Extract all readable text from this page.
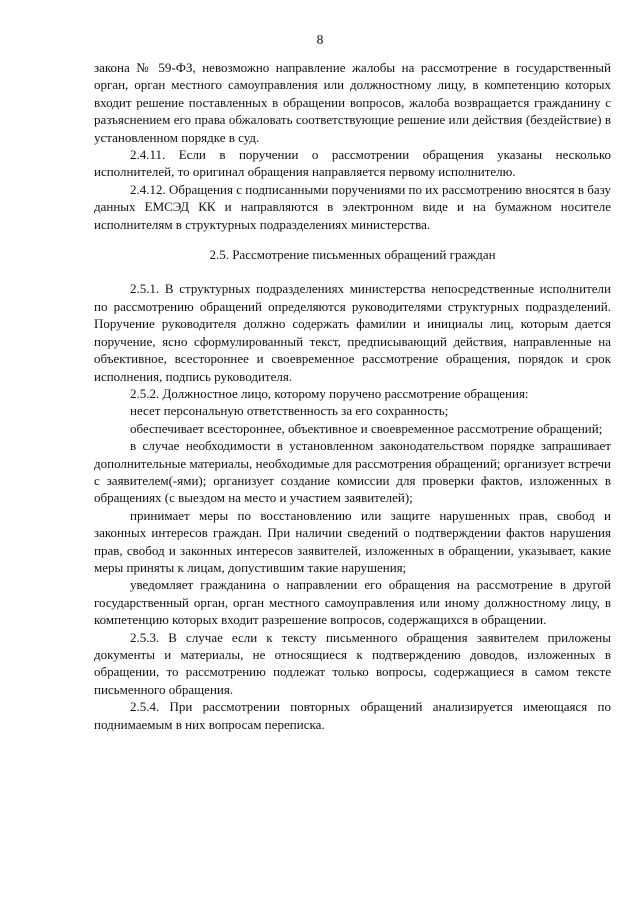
8

закона № 59-ФЗ, невозможно направление жалобы на рассмотрение в государственный орган, орган местного самоуправления или должностному лицу, в компетенцию которых входит решение поставленных в обращении вопросов, жалоба возвращается гражданину с разъяснением его права обжаловать соответствующие решение или действия (бездействие) в установленном порядке в суд.

2.4.11. Если в поручении о рассмотрении обращения указаны несколько исполнителей, то оригинал обращения направляется первому исполнителю.

2.4.12. Обращения с подписанными поручениями по их рассмотрению вносятся в базу данных ЕМСЭД КК и направляются в электронном виде и на бумажном носителе исполнителям в структурных подразделениях министерства.

2.5. Рассмотрение письменных обращений граждан

2.5.1. В структурных подразделениях министерства непосредственные исполнители по рассмотрению обращений определяются руководителями структурных подразделений. Поручение руководителя должно содержать фамилии и инициалы лиц, которым дается поручение, ясно сформулированный текст, предписывающий действия, направленные на объективное, всестороннее и своевременное рассмотрение обращения, порядок и срок исполнения, подпись руководителя.

2.5.2. Должностное лицо, которому поручено рассмотрение обращения:

несет персональную ответственность за его сохранность;

обеспечивает всестороннее, объективное и своевременное рассмотрение обращений;

в случае необходимости в установленном законодательством порядке запрашивает дополнительные материалы, необходимые для рассмотрения обращений; организует встречи с заявителем(-ями); организует создание комиссии для проверки фактов, изложенных в обращениях (с выездом на место и участием заявителей);

принимает меры по восстановлению или защите нарушенных прав, свобод и законных интересов граждан. При наличии сведений о подтверждении фактов нарушения прав, свобод и законных интересов заявителей, изложенных в обращении, указывает, какие меры приняты к лицам, допустившим такие нарушения;

уведомляет гражданина о направлении его обращения на рассмотрение в другой государственный орган, орган местного самоуправления или иному должностному лицу, в компетенцию которых входит разрешение вопросов, содержащихся в обращении.

2.5.3. В случае если к тексту письменного обращения заявителем приложены документы и материалы, не относящиеся к подтверждению доводов, изложенных в обращении, то рассмотрению подлежат только вопросы, содержащиеся в самом тексте письменного обращения.

2.5.4. При рассмотрении повторных обращений анализируется имеющаяся по поднимаемым в них вопросам переписка.
